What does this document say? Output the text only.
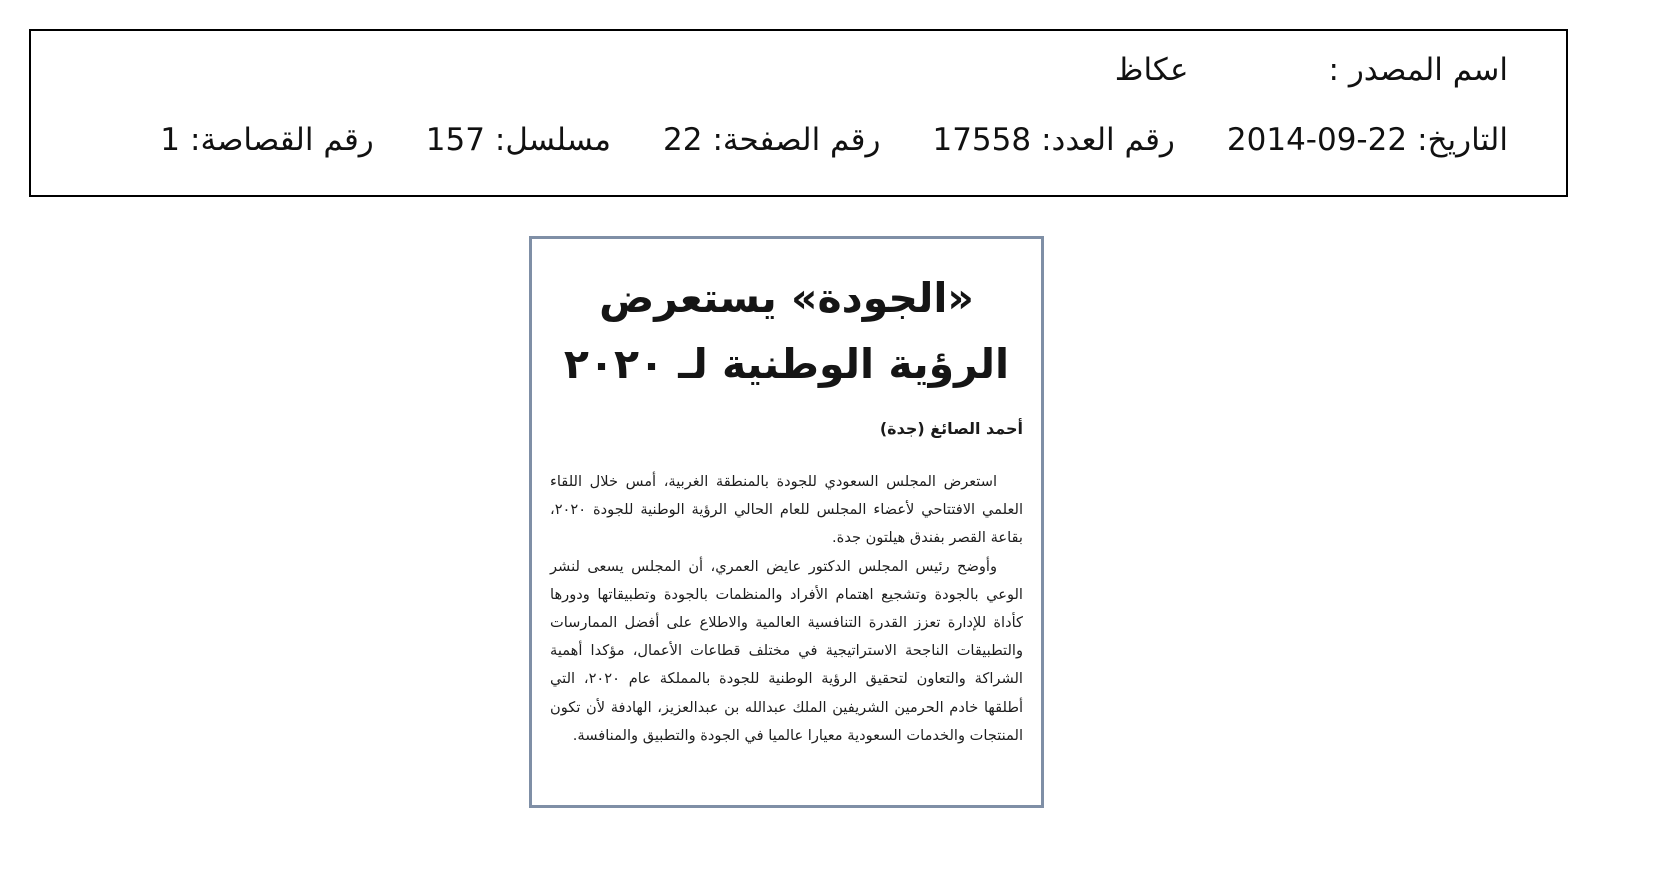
اسم المصدر :
عكاظ
التاريخ:
2014-09-22
رقم العدد:
17558
رقم الصفحة:
22
مسلسل:
157
رقم القصاصة:
1
«الجودة» يستعرض
الرؤية الوطنية لـ ٢٠٢٠
أحمد الصائغ (جدة)

استعرض المجلس السعودي للجودة بالمنطقة الغربية، أمس خلال اللقاء العلمي الافتتاحي لأعضاء المجلس للعام الحالي الرؤية الوطنية للجودة ٢٠٢٠، بقاعة القصر بفندق هيلتون جدة.

وأوضح رئيس المجلس الدكتور عايض العمري، أن المجلس يسعى لنشر الوعي بالجودة وتشجيع اهتمام الأفراد والمنظمات بالجودة وتطبيقاتها ودورها كأداة للإدارة تعزز القدرة التنافسية العالمية والاطلاع على أفضل الممارسات والتطبيقات الناجحة الاستراتيجية في مختلف قطاعات الأعمال، مؤكدا أهمية الشراكة والتعاون لتحقيق الرؤية الوطنية للجودة بالمملكة عام ٢٠٢٠، التي أطلقها خادم الحرمين الشريفين الملك عبدالله بن عبدالعزيز، الهادفة لأن تكون المنتجات والخدمات السعودية معيارا عالميا في الجودة والتطبيق والمنافسة.
